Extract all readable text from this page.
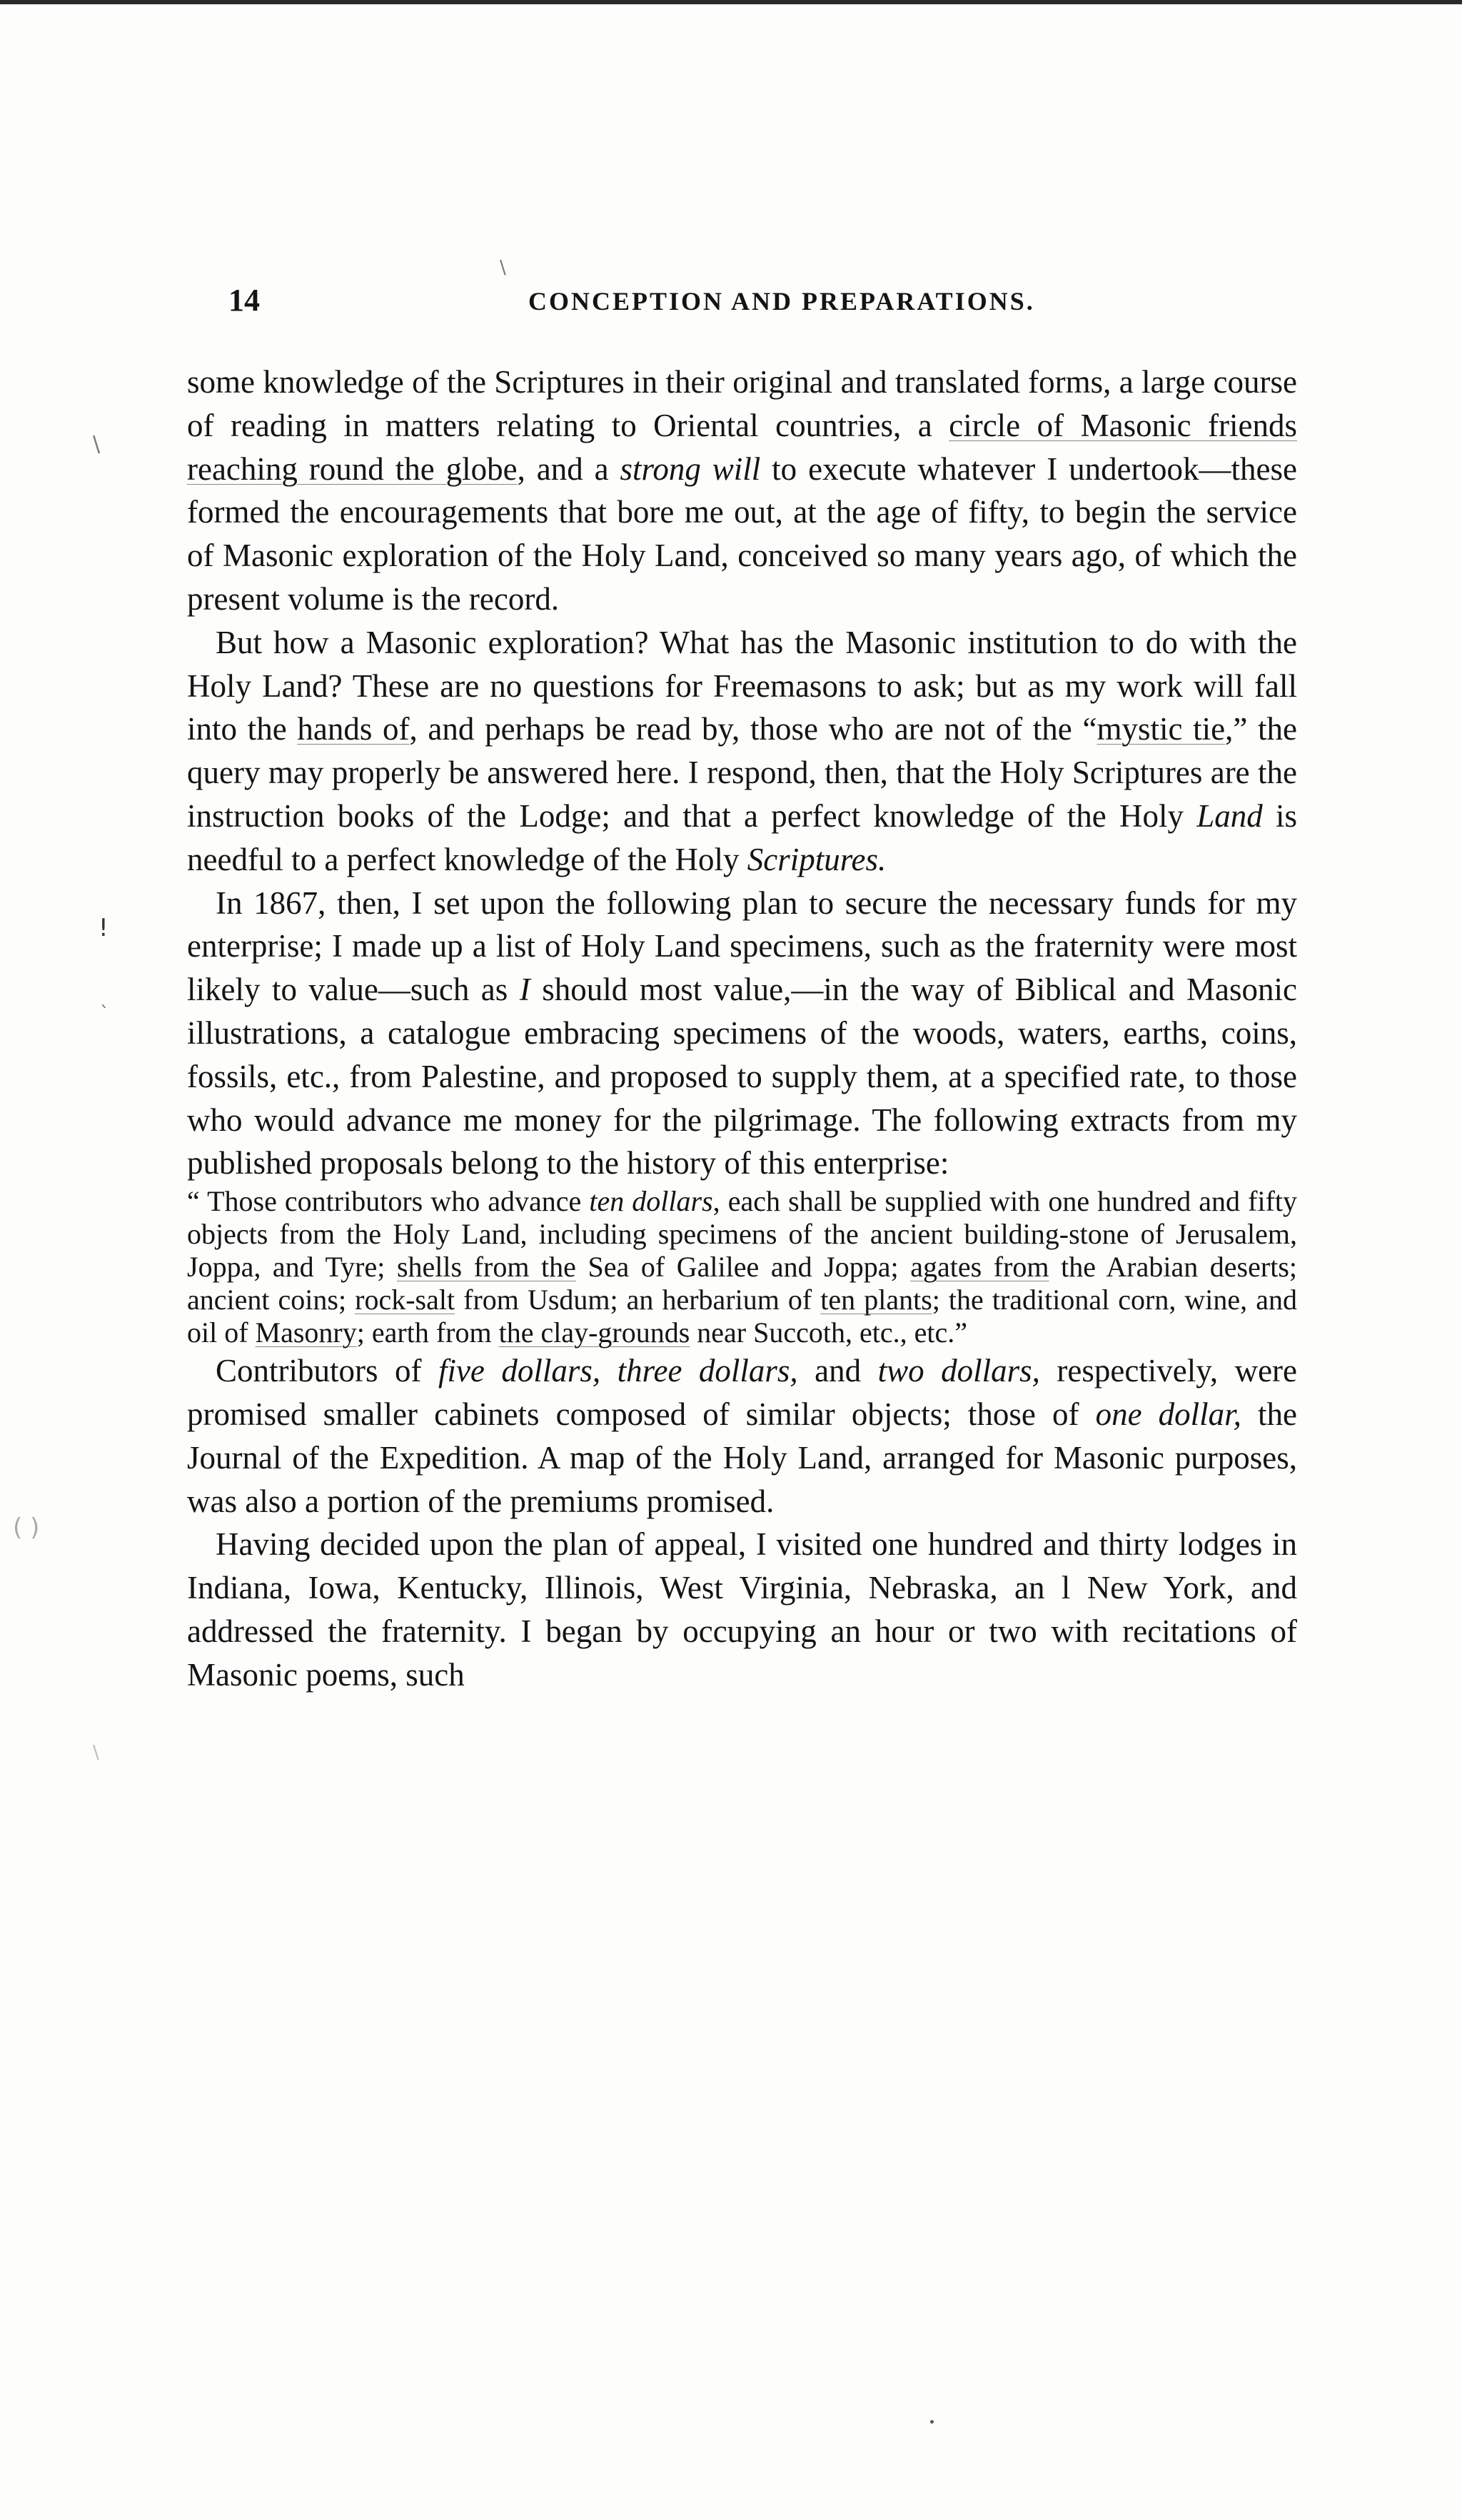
14	CONCEPTION AND PREPARATIONS.
\
\
!
`
( )
\

some knowledge of the Scriptures in their original and translated forms, a large course of reading in matters relating to Oriental countries, a circle of Masonic friends reaching round the globe, and a strong will to execute whatever I undertook—these formed the encouragements that bore me out, at the age of fifty, to begin the service of Masonic exploration of the Holy Land, conceived so many years ago, of which the present volume is the record.

But how a Masonic exploration? What has the Masonic institution to do with the Holy Land? These are no questions for Freemasons to ask; but as my work will fall into the hands of, and perhaps be read by, those who are not of the “mystic tie,” the query may properly be answered here. I respond, then, that the Holy Scriptures are the instruction books of the Lodge; and that a perfect knowledge of the Holy Land is needful to a perfect knowledge of the Holy Scriptures.

In 1867, then, I set upon the following plan to secure the necessary funds for my enterprise; I made up a list of Holy Land specimens, such as the fraternity were most likely to value—such as I should most value,—in the way of Biblical and Masonic illustrations, a catalogue embracing specimens of the woods, waters, earths, coins, fossils, etc., from Palestine, and proposed to supply them, at a specified rate, to those who would advance me money for the pilgrimage. The following extracts from my published proposals belong to the history of this enterprise:

“ Those contributors who advance ten dollars, each shall be supplied with one hundred and fifty objects from the Holy Land, including specimens of the ancient building-stone of Jerusalem, Joppa, and Tyre; shells from the Sea of Galilee and Joppa; agates from the Arabian deserts; ancient coins; rock-salt from Usdum; an herbarium of ten plants; the traditional corn, wine, and oil of Masonry; earth from the clay-grounds near Succoth, etc., etc.”

Contributors of five dollars, three dollars, and two dollars, respectively, were promised smaller cabinets composed of similar objects; those of one dollar, the Journal of the Expedition. A map of the Holy Land, arranged for Masonic purposes, was also a portion of the premiums promised.

Having decided upon the plan of appeal, I visited one hundred and thirty lodges in Indiana, Iowa, Kentucky, Illinois, West Virginia, Nebraska, an l New York, and addressed the fraternity. I began by occupying an hour or two with recitations of Masonic poems, such
